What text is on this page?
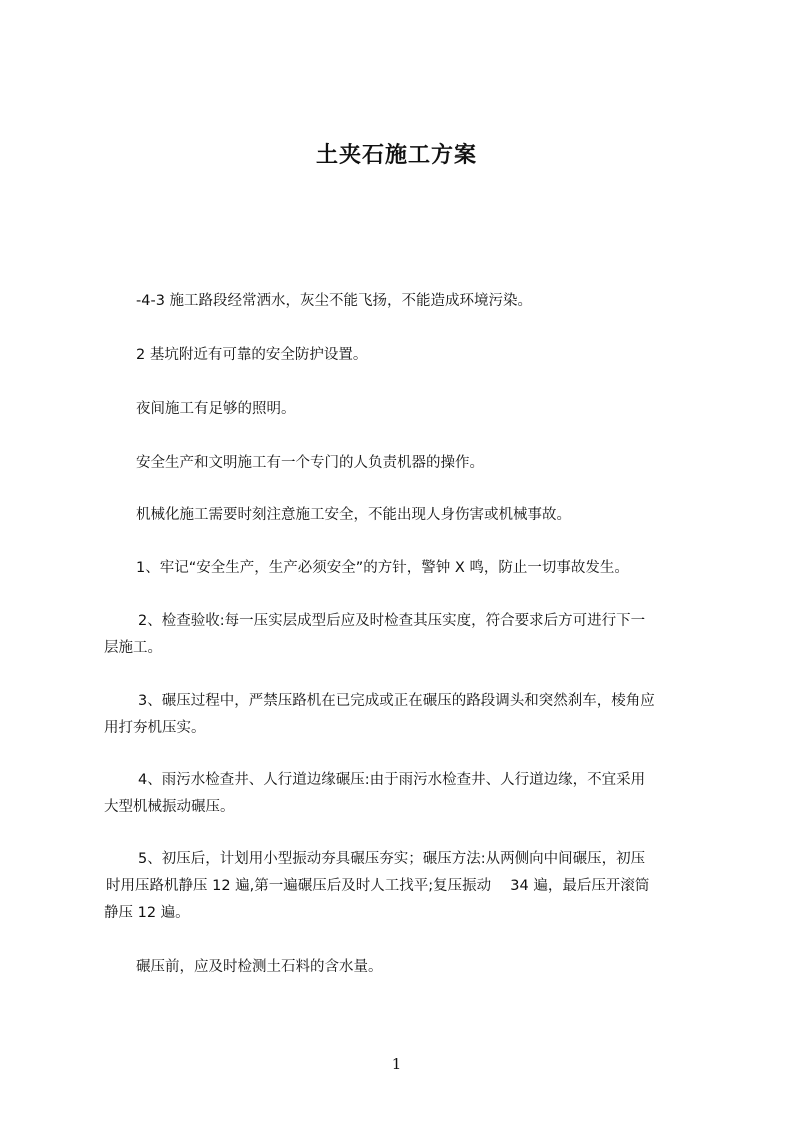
土夹石施工方案
-4-3 施工路段经常洒水，灰尘不能飞扬，不能造成环境污染。
2 基坑附近有可靠的安全防护设置。
夜间施工有足够的照明。
安全生产和文明施工有一个专门的人负责机器的操作。
机械化施工需要时刻注意施工安全，不能出现人身伤害或机械事故。
1、牢记“安全生产，生产必须安全”的方针，警钟 X 鸣，防止一切事故发生。
2、检查验收:每一压实层成型后应及时检查其压实度，符合要求后方可进行下一
层施工。
3、碾压过程中，严禁压路机在已完成或正在碾压的路段调头和突然刹车，棱角应
用打夯机压实。
4、雨污水检查井、人行道边缘碾压:由于雨污水检查井、人行道边缘，不宜采用
大型机械振动碾压。
5、初压后，计划用小型振动夯具碾压夯实；碾压方法:从两侧向中间碾压，初压
时用压路机静压 12 遍,第一遍碾压后及时人工找平;复压振动　 34 遍，最后压开滚筒
静压 12 遍。
碾压前，应及时检测土石料的含水量。
1
